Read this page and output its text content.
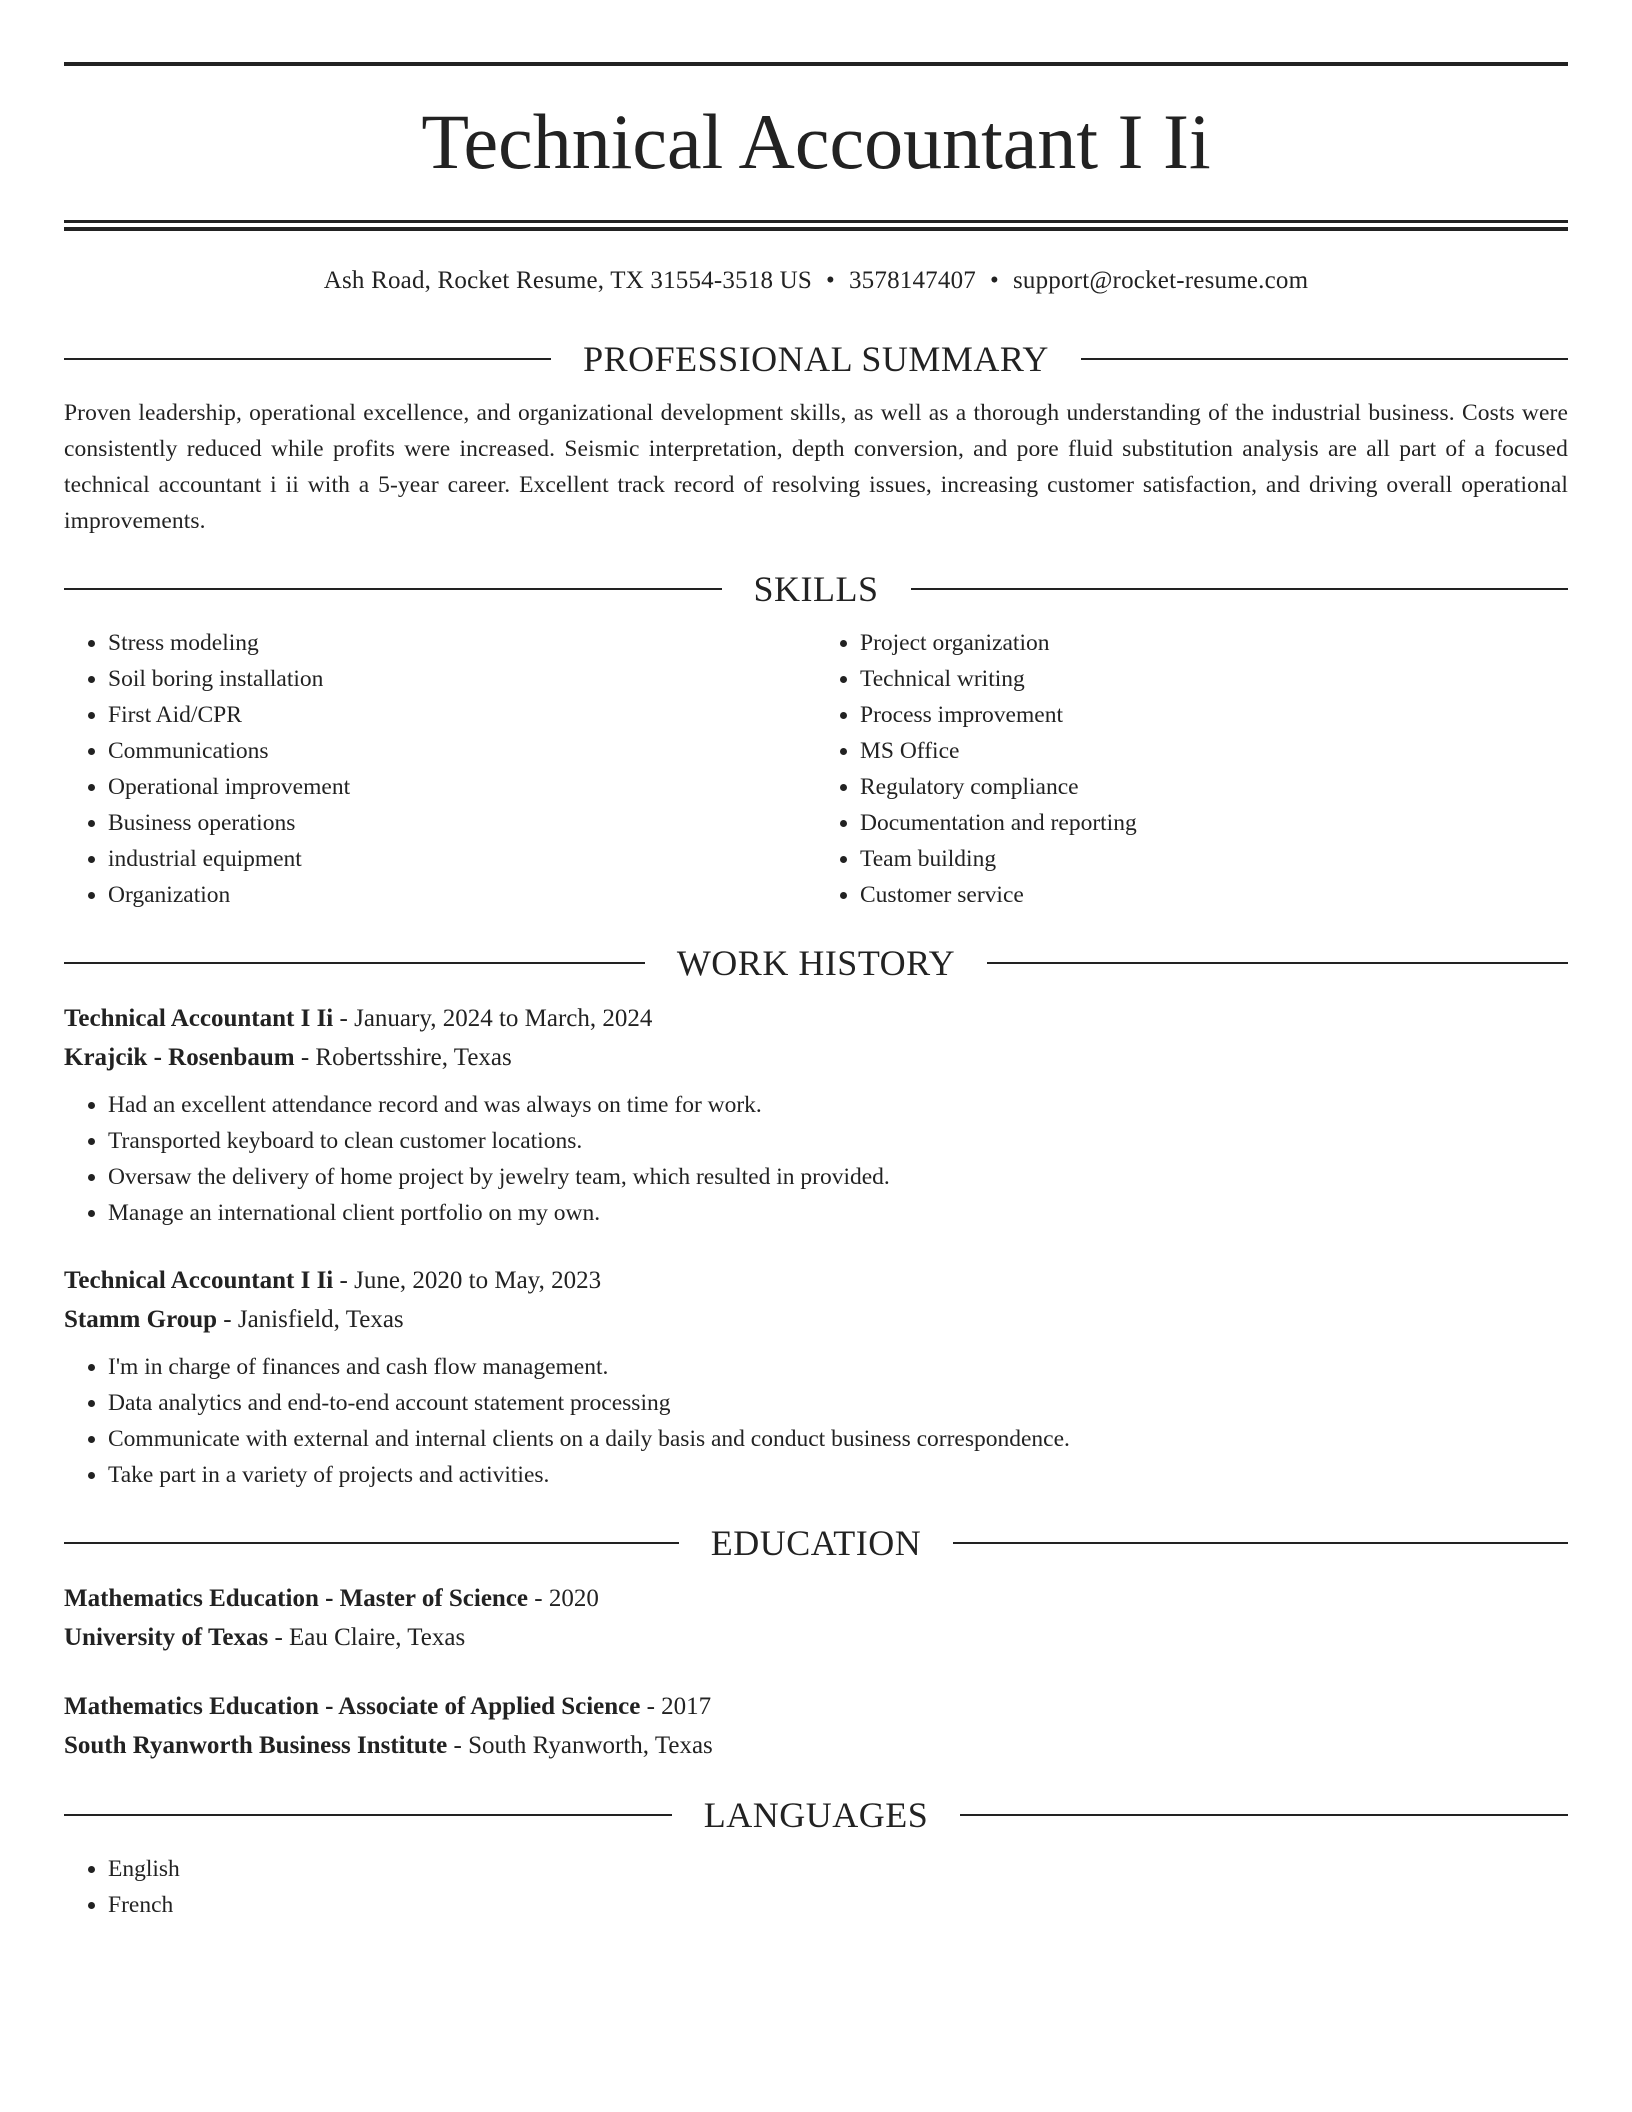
Technical Accountant I Ii
Ash Road, Rocket Resume, TX 31554-3518 US • 3578147407 • support@rocket-resume.com
PROFESSIONAL SUMMARY
Proven leadership, operational excellence, and organizational development skills, as well as a thorough understanding of the industrial business. Costs were consistently reduced while profits were increased. Seismic interpretation, depth conversion, and pore fluid substitution analysis are all part of a focused technical accountant i ii with a 5-year career. Excellent track record of resolving issues, increasing customer satisfaction, and driving overall operational improvements.
SKILLS
• Stress modeling
• Soil boring installation
• First Aid/CPR
• Communications
• Operational improvement
• Business operations
• industrial equipment
• Organization
• Project organization
• Technical writing
• Process improvement
• MS Office
• Regulatory compliance
• Documentation and reporting
• Team building
• Customer service
WORK HISTORY
Technical Accountant I Ii - January, 2024 to March, 2024
Krajcik - Rosenbaum - Robertsshire, Texas
• Had an excellent attendance record and was always on time for work.
• Transported keyboard to clean customer locations.
• Oversaw the delivery of home project by jewelry team, which resulted in provided.
• Manage an international client portfolio on my own.
Technical Accountant I Ii - June, 2020 to May, 2023
Stamm Group - Janisfield, Texas
• I'm in charge of finances and cash flow management.
• Data analytics and end-to-end account statement processing
• Communicate with external and internal clients on a daily basis and conduct business correspondence.
• Take part in a variety of projects and activities.
EDUCATION
Mathematics Education - Master of Science - 2020
University of Texas - Eau Claire, Texas
Mathematics Education - Associate of Applied Science - 2017
South Ryanworth Business Institute - South Ryanworth, Texas
LANGUAGES
• English
• French
